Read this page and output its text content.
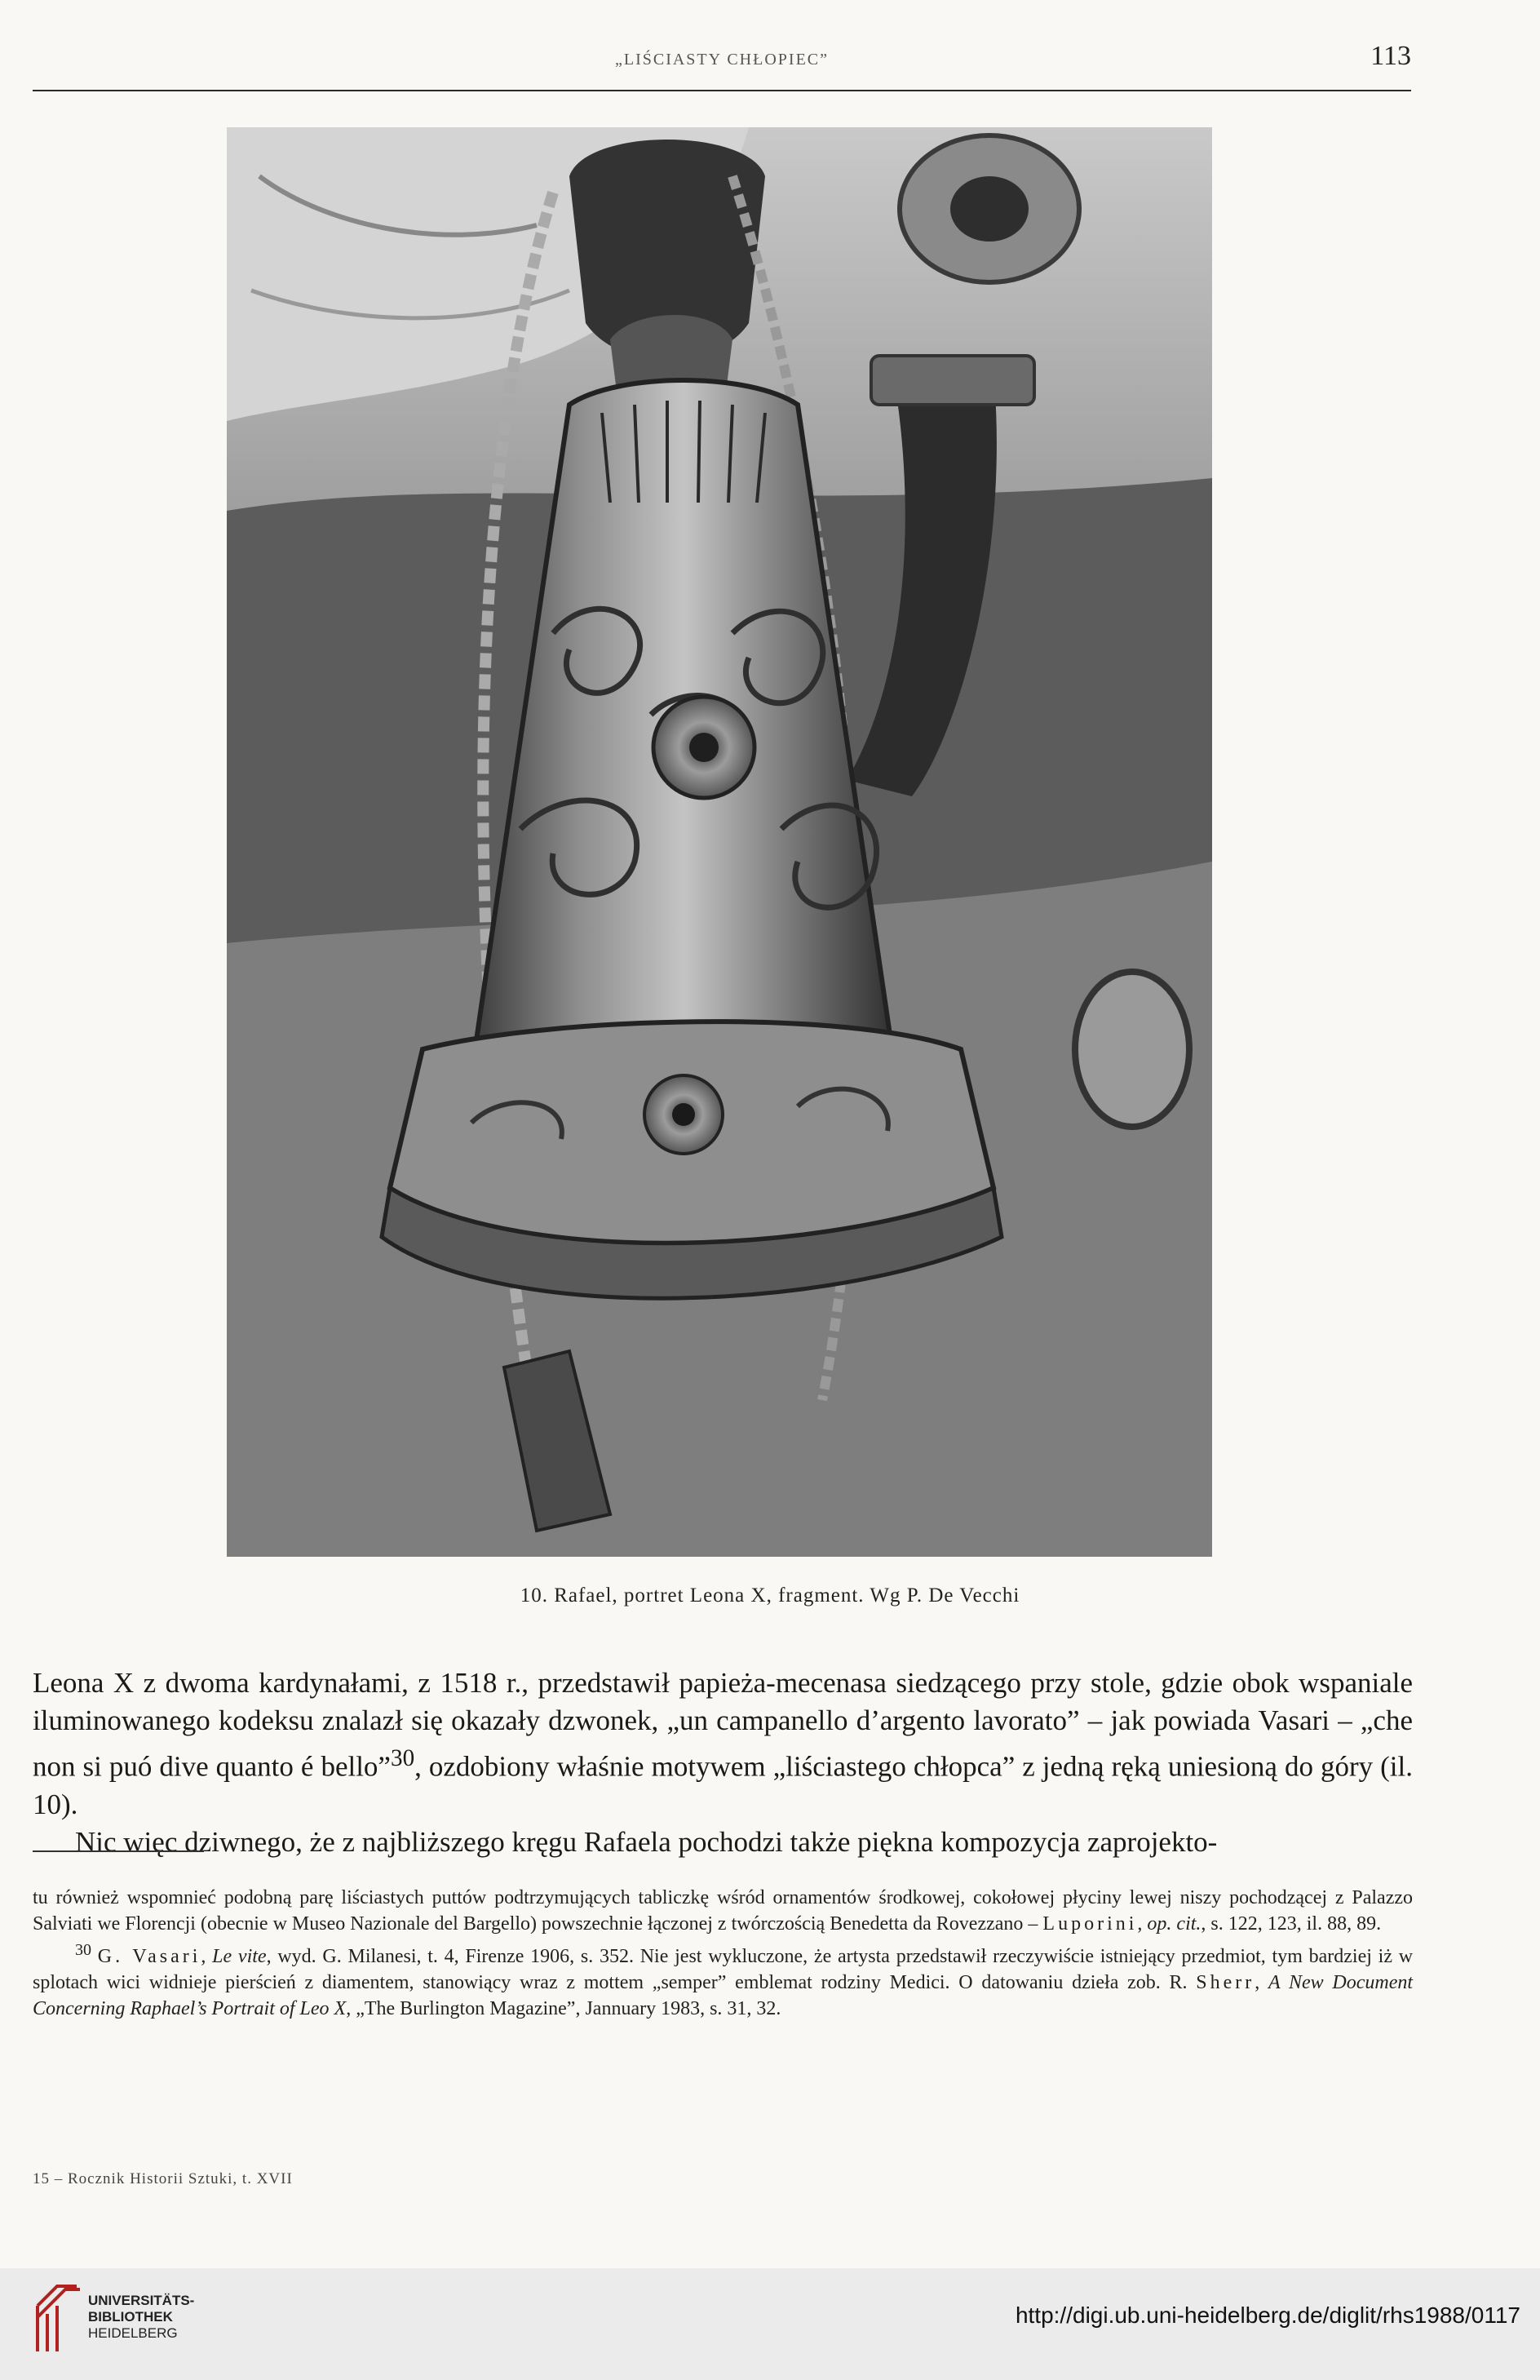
„LIŚCIASTY CHŁOPIEC”	113
10. Rafael, portret Leona X, fragment. Wg P. De Vecchi

Leona X z dwoma kardynałami, z 1518 r., przedstawił papieża-mecenasa siedzącego przy stole, gdzie obok wspaniale iluminowanego kodeksu znalazł się okazały dzwonek, „un campanello d’argento lavorato” – jak powiada Vasari – „che non si puó dive quanto é bello”$^{30}$, ozdobiony właśnie motywem „liściastego chłopca” z jedną ręką uniesioną do góry (il. 10).

Nic więc dziwnego, że z najbliższego kręgu Rafaela pochodzi także piękna kompozycja zaprojekto-

tu również wspomnieć podobną parę liściastych puttów podtrzymujących tabliczkę wśród ornamentów środkowej, cokołowej płyciny lewej niszy pochodzącej z Palazzo Salviati we Florencji (obecnie w Museo Nazionale del Bargello) powszechnie łączonej z twórczością Benedetta da Rovezzano – Luporini, op. cit., s. 122, 123, il. 88, 89.

$^{30}$ G. Vasari, Le vite, wyd. G. Milanesi, t. 4, Firenze 1906, s. 352. Nie jest wykluczone, że artysta przedstawił rzeczywiście istniejący przedmiot, tym bardziej iż w splotach wici widnieje pierścień z diamentem, stanowiący wraz z mottem „semper” emblemat rodziny Medici. O datowaniu dzieła zob. R. Sherr, A New Document Concerning Raphael’s Portrait of Leo X, „The Burlington Magazine”, Jannuary 1983, s. 31, 32.

15 – Rocznik Historii Sztuki, t. XVII
UNIVERSITÄTS-
BIBLIOTHEK
HEIDELBERG
http://digi.ub.uni-heidelberg.de/diglit/rhs1988/0117
